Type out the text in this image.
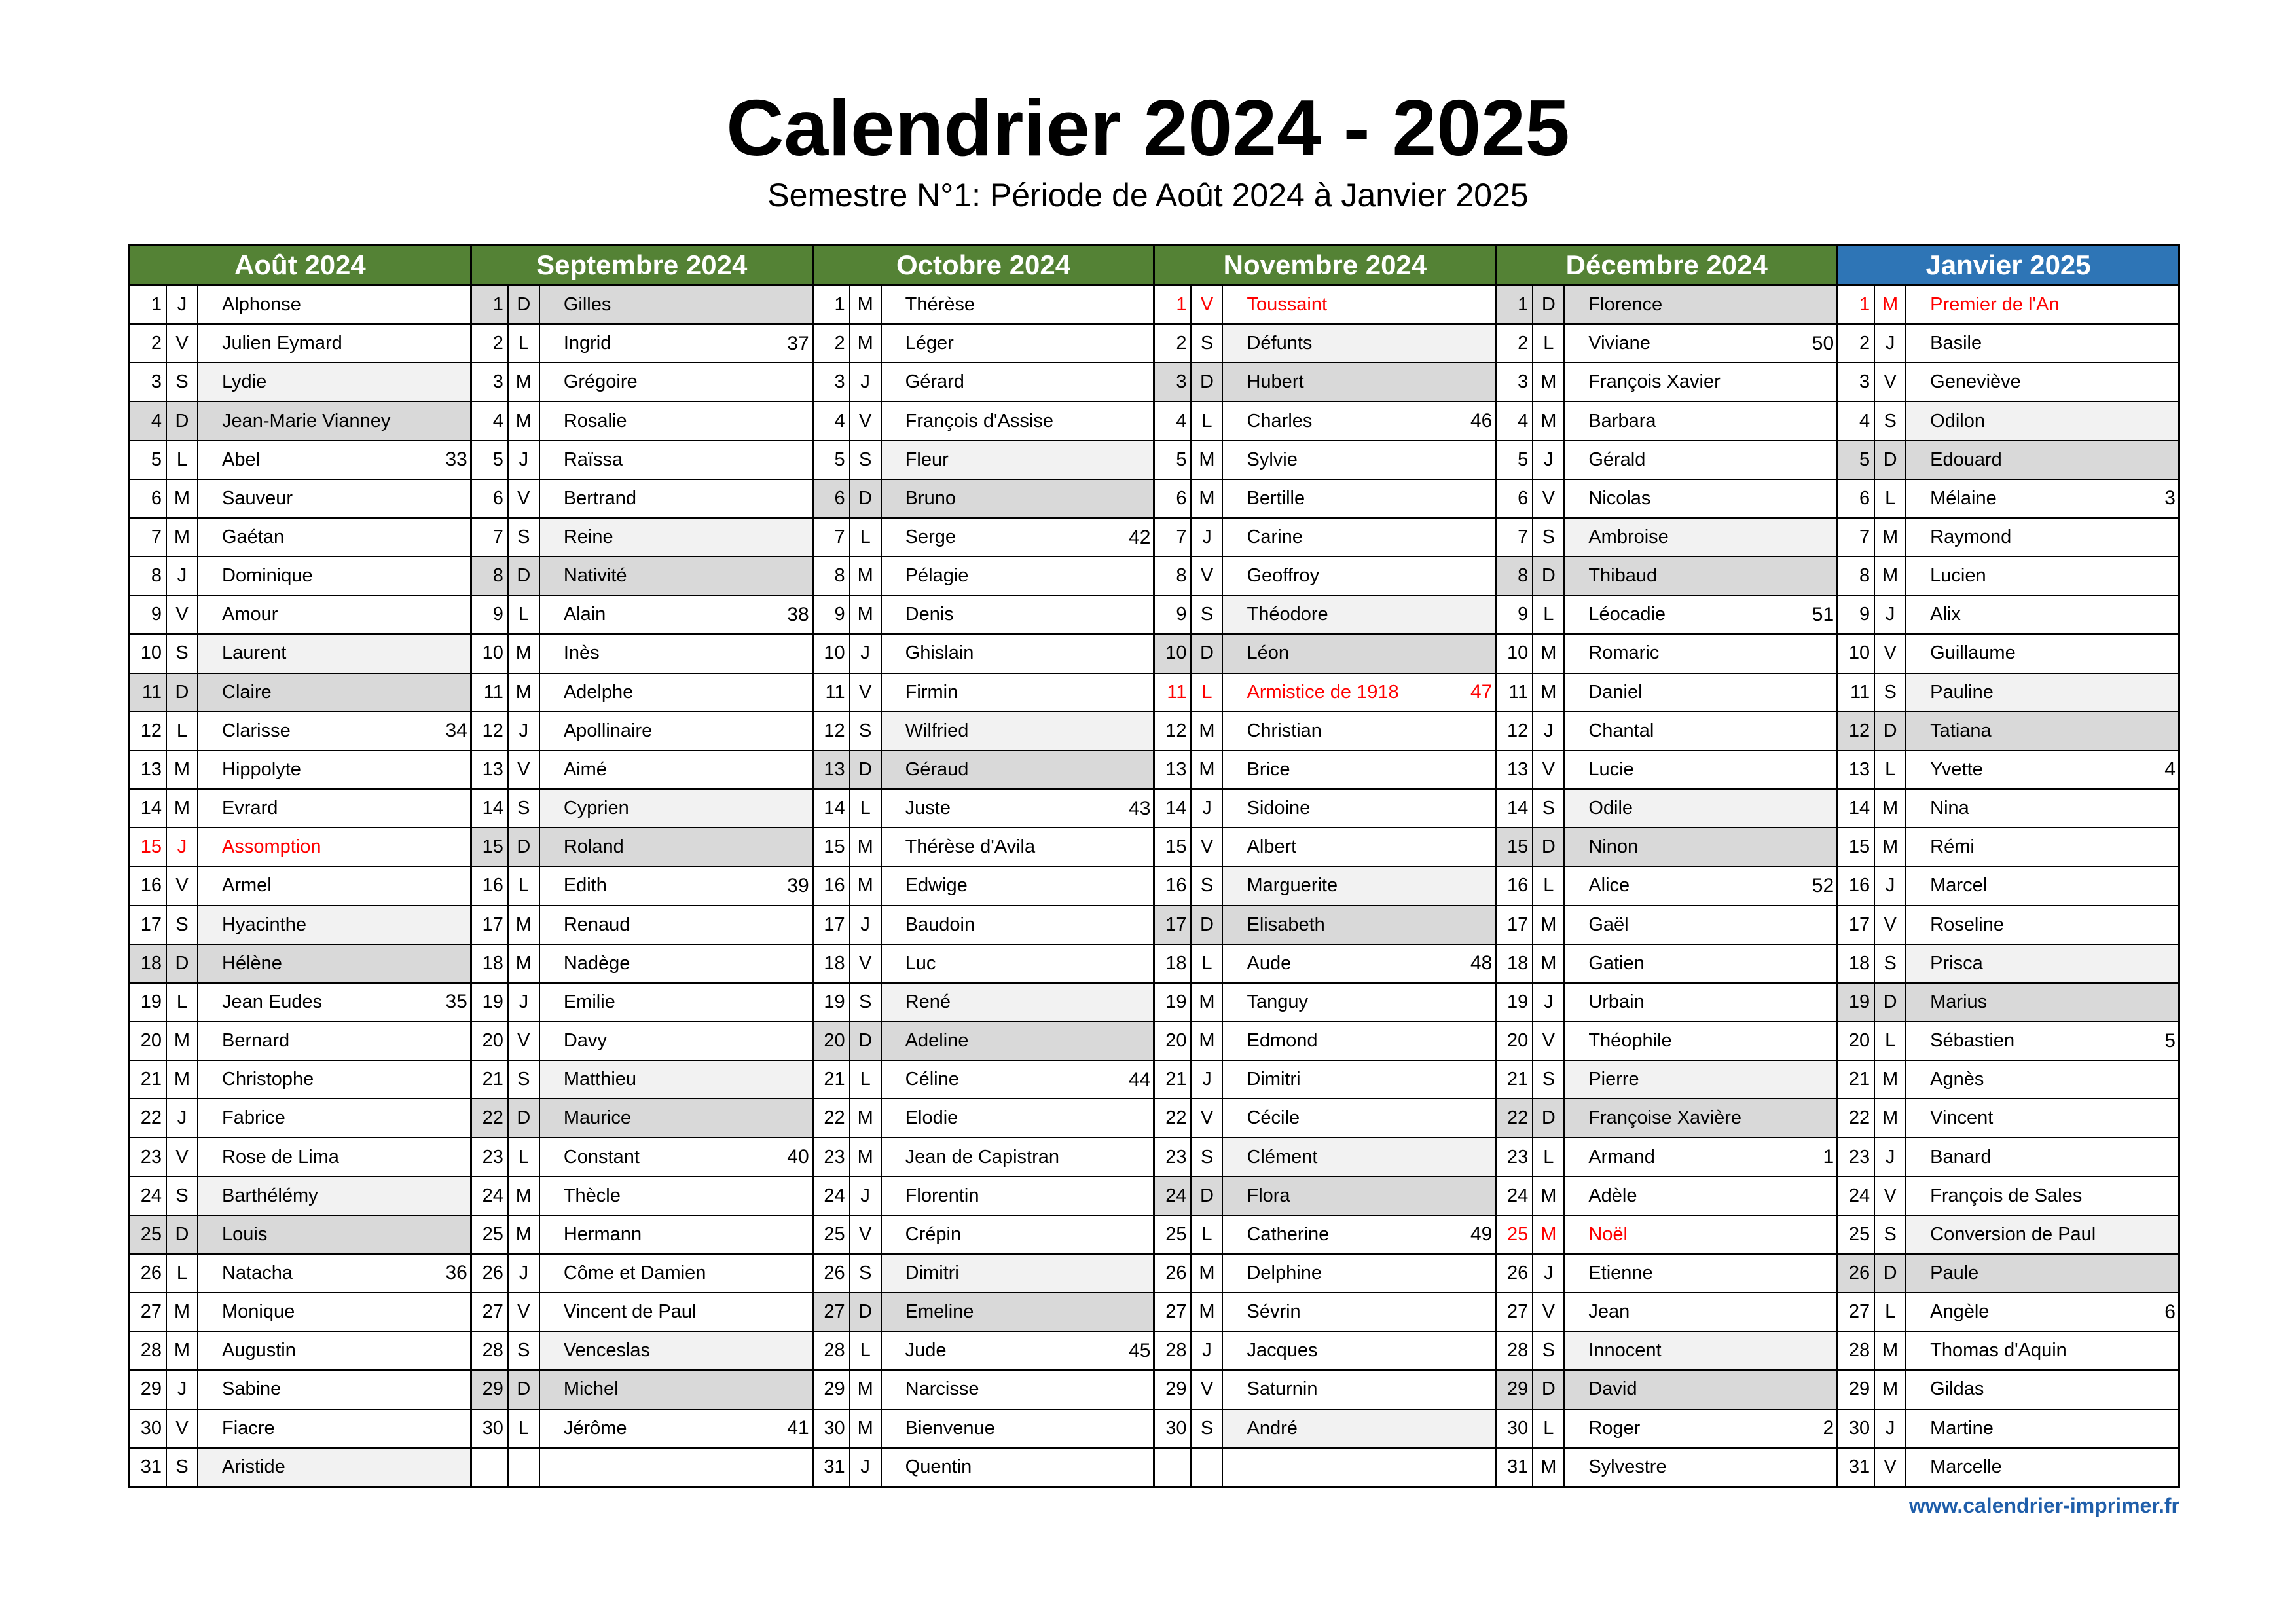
Calendrier 2024 - 2025
Semestre N°1: Période de Août 2024 à Janvier 2025
Août 2024
1 J	Alphonse
2 V	Julien Eymard
3 S	Lydie
4 D	Jean-Marie Vianney
5 L	Abel	33
6 M	Sauveur
7 M	Gaétan
8 J	Dominique
9 V	Amour
10 S	Laurent
11 D	Claire
12 L	Clarisse	34
13 M	Hippolyte
14 M	Evrard
15 J	Assomption
16 V	Armel
17 S	Hyacinthe
18 D	Hélène
19 L	Jean Eudes	35
20 M	Bernard
21 M	Christophe
22 J	Fabrice
23 V	Rose de Lima
24 S	Barthélémy
25 D	Louis
26 L	Natacha	36
27 M	Monique
28 M	Augustin
29 J	Sabine
30 V	Fiacre
31 S	Aristide
Septembre 2024
1 D	Gilles
2 L	Ingrid	37
3 M	Grégoire
4 M	Rosalie
5 J	Raïssa
6 V	Bertrand
7 S	Reine
8 D	Nativité
9 L	Alain	38
10 M	Inès
11 M	Adelphe
12 J	Apollinaire
13 V	Aimé
14 S	Cyprien
15 D	Roland
16 L	Edith	39
17 M	Renaud
18 M	Nadège
19 J	Emilie
20 V	Davy
21 S	Matthieu
22 D	Maurice
23 L	Constant	40
24 M	Thècle
25 M	Hermann
26 J	Côme et Damien
27 V	Vincent de Paul
28 S	Venceslas
29 D	Michel
30 L	Jérôme	41
Octobre 2024
1 M	Thérèse
2 M	Léger
3 J	Gérard
4 V	François d'Assise
5 S	Fleur
6 D	Bruno
7 L	Serge	42
8 M	Pélagie
9 M	Denis
10 J	Ghislain
11 V	Firmin
12 S	Wilfried
13 D	Géraud
14 L	Juste	43
15 M	Thérèse d'Avila
16 M	Edwige
17 J	Baudoin
18 V	Luc
19 S	René
20 D	Adeline
21 L	Céline	44
22 M	Elodie
23 M	Jean de Capistran
24 J	Florentin
25 V	Crépin
26 S	Dimitri
27 D	Emeline
28 L	Jude	45
29 M	Narcisse
30 M	Bienvenue
31 J	Quentin
Novembre 2024
1 V	Toussaint
2 S	Défunts
3 D	Hubert
4 L	Charles	46
5 M	Sylvie
6 M	Bertille
7 J	Carine
8 V	Geoffroy
9 S	Théodore
10 D	Léon
11 L	Armistice de 1918	47
12 M	Christian
13 M	Brice
14 J	Sidoine
15 V	Albert
16 S	Marguerite
17 D	Elisabeth
18 L	Aude	48
19 M	Tanguy
20 M	Edmond
21 J	Dimitri
22 V	Cécile
23 S	Clément
24 D	Flora
25 L	Catherine	49
26 M	Delphine
27 M	Sévrin
28 J	Jacques
29 V	Saturnin
30 S	André
Décembre 2024
1 D	Florence
2 L	Viviane	50
3 M	François Xavier
4 M	Barbara
5 J	Gérald
6 V	Nicolas
7 S	Ambroise
8 D	Thibaud
9 L	Léocadie	51
10 M	Romaric
11 M	Daniel
12 J	Chantal
13 V	Lucie
14 S	Odile
15 D	Ninon
16 L	Alice	52
17 M	Gaël
18 M	Gatien
19 J	Urbain
20 V	Théophile
21 S	Pierre
22 D	Françoise Xavière
23 L	Armand	1
24 M	Adèle
25 M	Noël
26 J	Etienne
27 V	Jean
28 S	Innocent
29 D	David
30 L	Roger	2
31 M	Sylvestre
Janvier 2025
1 M	Premier de l'An
2 J	Basile
3 V	Geneviève
4 S	Odilon
5 D	Edouard
6 L	Mélaine	3
7 M	Raymond
8 M	Lucien
9 J	Alix
10 V	Guillaume
11 S	Pauline
12 D	Tatiana
13 L	Yvette	4
14 M	Nina
15 M	Rémi
16 J	Marcel
17 V	Roseline
18 S	Prisca
19 D	Marius
20 L	Sébastien	5
21 M	Agnès
22 M	Vincent
23 J	Banard
24 V	François de Sales
25 S	Conversion de Paul
26 D	Paule
27 L	Angèle	6
28 M	Thomas d'Aquin
29 M	Gildas
30 J	Martine
31 V	Marcelle
www.calendrier-imprimer.fr
